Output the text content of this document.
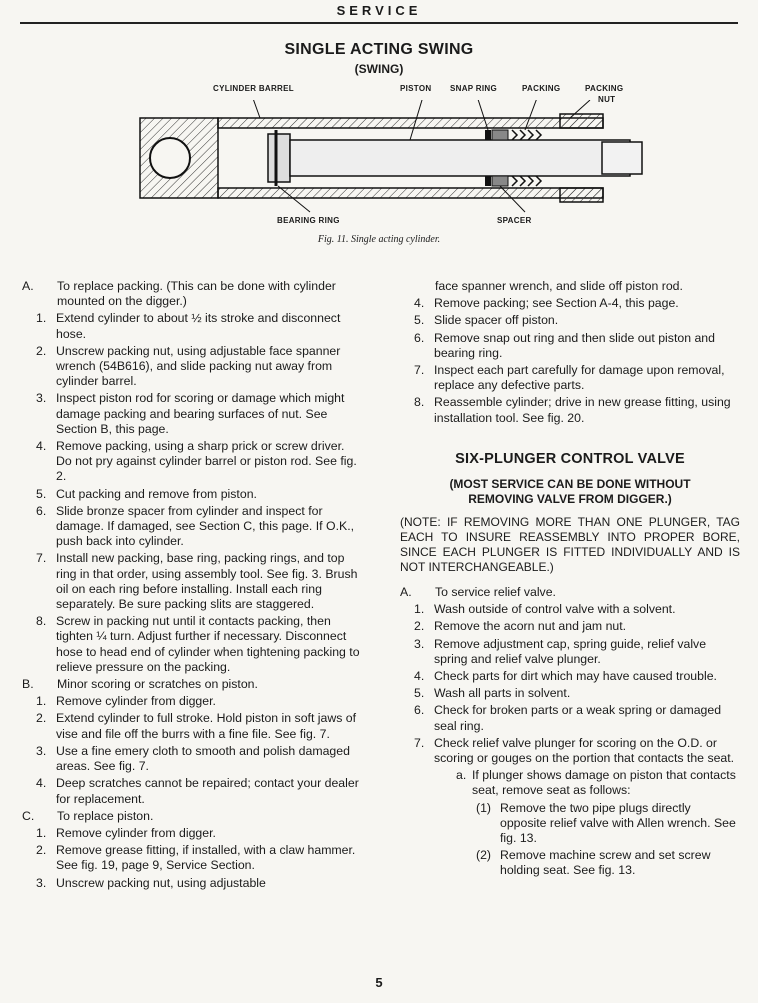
SERVICE
SINGLE ACTING SWING
(SWING)
CYLINDER BARREL	PISTON SNAP RING	PACKING	PACKING
NUT
BEARING RING	SPACER
Fig. 11. Single acting cylinder.
A. To replace packing. (This can be done with cylinder mounted on the digger.)
1. Extend cylinder to about ½ its stroke and disconnect hose.
2. Unscrew packing nut, using adjustable face spanner wrench (54B616), and slide packing nut away from cylinder barrel.
3. Inspect piston rod for scoring or damage which might damage packing and bearing surfaces of nut. See Section B, this page.
4. Remove packing, using a sharp prick or screw driver. Do not pry against cylinder barrel or piston rod. See fig. 2.
5. Cut packing and remove from piston.
6. Slide bronze spacer from cylinder and inspect for damage. If damaged, see Section C, this page. If O.K., push back into cylinder.
7. Install new packing, base ring, packing rings, and top ring in that order, using assembly tool. See fig. 3. Brush oil on each ring before installing. Install each ring separately. Be sure packing slits are staggered.
8. Screw in packing nut until it contacts packing, then tighten ¼ turn. Adjust further if necessary. Disconnect hose to head end of cylinder when tightening packing to relieve pressure on the packing.
B. Minor scoring or scratches on piston.
1. Remove cylinder from digger.
2. Extend cylinder to full stroke. Hold piston in soft jaws of vise and file off the burrs with a fine file. See fig. 7.
3. Use a fine emery cloth to smooth and polish damaged areas. See fig. 7.
4. Deep scratches cannot be repaired; contact your dealer for replacement.
C. To replace piston.
1. Remove cylinder from digger.
2. Remove grease fitting, if installed, with a claw hammer. See fig. 19, page 9, Service Section.
3. Unscrew packing nut, using adjustable
face spanner wrench, and slide off piston rod.
4. Remove packing; see Section A-4, this page.
5. Slide spacer off piston.
6. Remove snap out ring and then slide out piston and bearing ring.
7. Inspect each part carefully for damage upon removal, replace any defective parts.
8. Reassemble cylinder; drive in new grease fitting, using installation tool. See fig. 20.
SIX-PLUNGER CONTROL VALVE
(MOST SERVICE CAN BE DONE WITHOUT
REMOVING VALVE FROM DIGGER.)
(NOTE: IF REMOVING MORE THAN ONE PLUNGER, TAG EACH TO INSURE REASSEMBLY INTO PROPER BORE, SINCE EACH PLUNGER IS FITTED INDIVIDUALLY AND IS NOT INTERCHANGEABLE.)
A. To service relief valve.
1. Wash outside of control valve with a solvent.
2. Remove the acorn nut and jam nut.
3. Remove adjustment cap, spring guide, relief valve spring and relief valve plunger.
4. Check parts for dirt which may have caused trouble.
5. Wash all parts in solvent.
6. Check for broken parts or a weak spring or damaged seal ring.
7. Check relief valve plunger for scoring on the O.D. or scoring or gouges on the portion that contacts the seat.
a. If plunger shows damage on piston that contacts seat, remove seat as follows:
(1) Remove the two pipe plugs directly opposite relief valve with Allen wrench. See fig. 13.
(2) Remove machine screw and set screw holding seat. See fig. 13.
5
